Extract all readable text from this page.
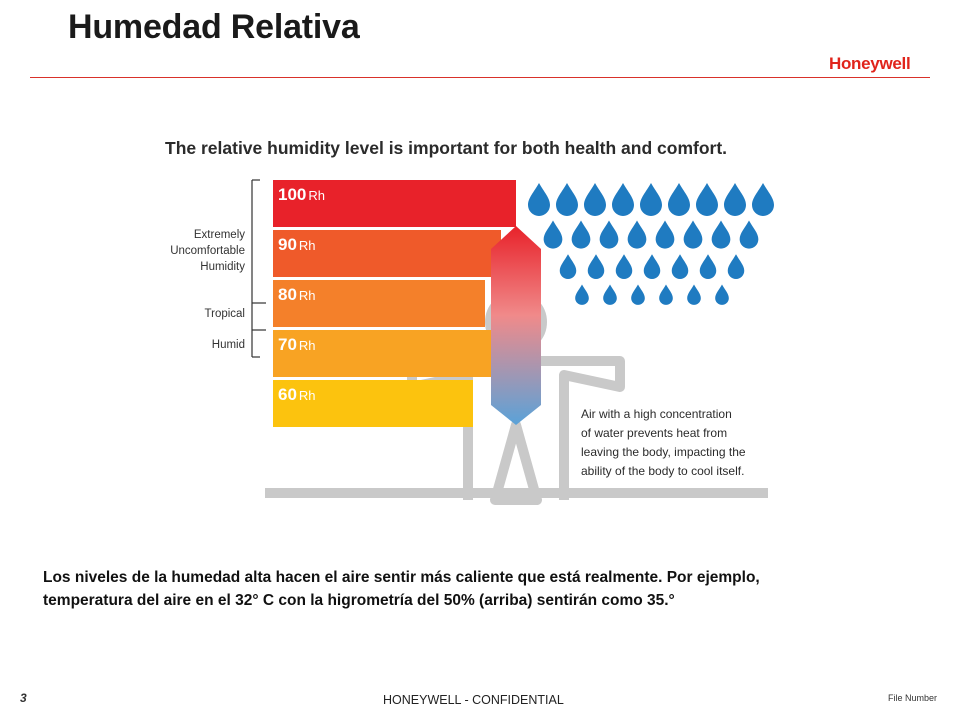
Humedad Relativa
Honeywell
The relative humidity level is important for both health and comfort.
100 Rh
90 Rh
80 Rh
70 Rh
60 Rh
Extremely
Uncomfortable
Humidity
Tropical
Humid
Air with a high concentration
of water prevents heat from
leaving the body, impacting the
ability of the body to cool itself.
Los niveles de la humedad alta hacen el aire sentir más caliente que está realmente. Por ejemplo,
temperatura del aire en el 32° C con la higrometría del 50% (arriba) sentirán como 35.°
3	HONEYWELL - CONFIDENTIAL	File Number
